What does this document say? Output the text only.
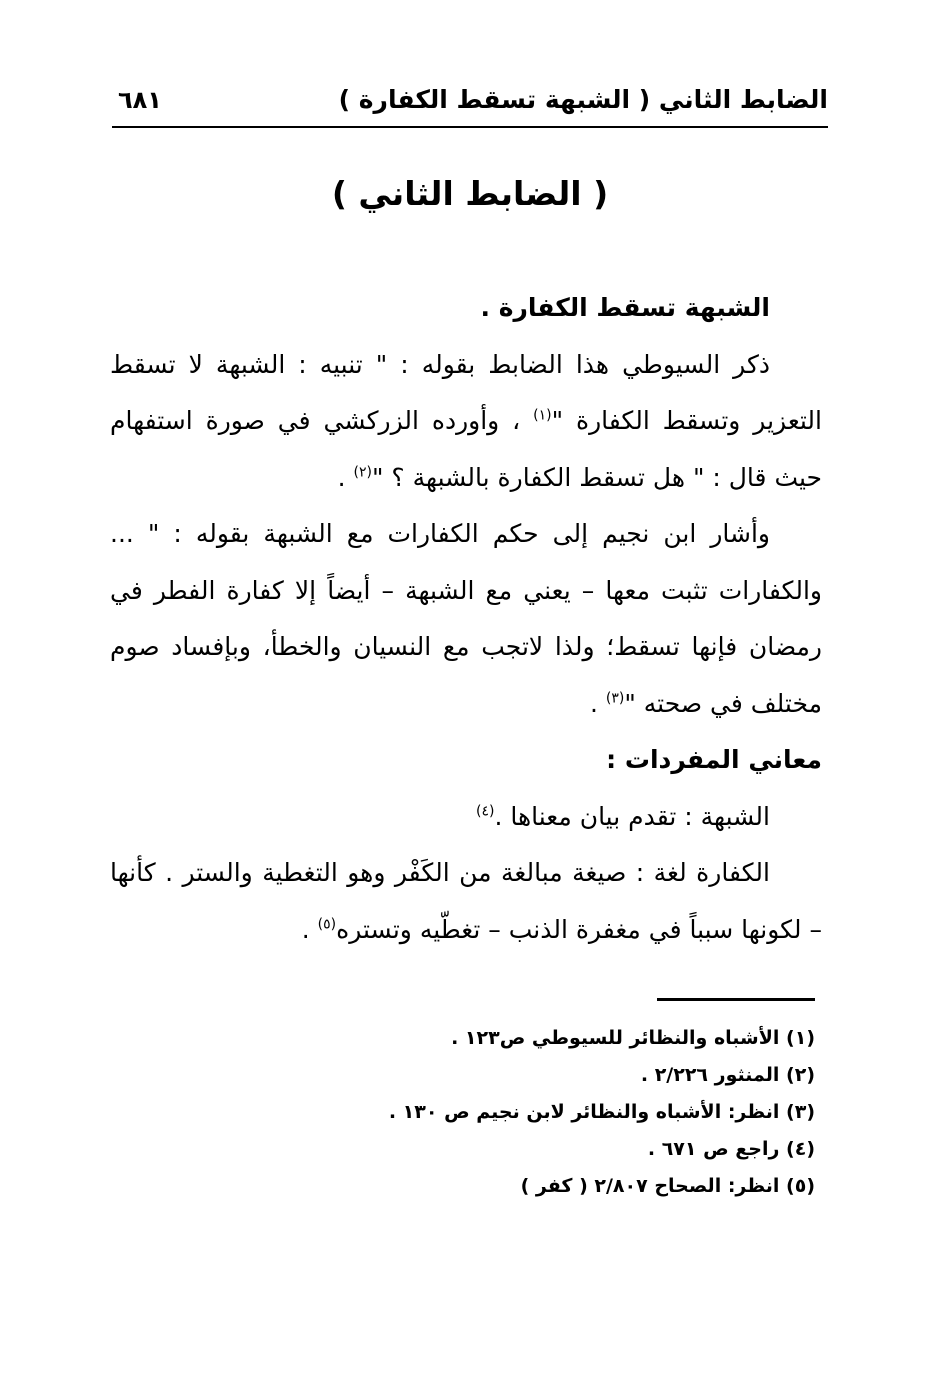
الضابط الثاني ( الشبهة تسقط الكفارة )
٦٨١
( الضابط الثاني )

الشبهة تسقط الكفارة .

ذكر السيوطي هذا الضابط بقوله : " تنبيه : الشبهة لا تسقط التعزير وتسقط الكفارة "$^{(١)}$ ، وأورده الزركشي في صورة استفهام حيث قال : " هل تسقط الكفارة بالشبهة ؟ "$^{(٢)}$ .

وأشار ابن نجيم إلى حكم الكفارات مع الشبهة بقوله : " ... والكفارات تثبت معها – يعني مع الشبهة – أيضاً إلا كفارة الفطر في رمضان فإنها تسقط؛ ولذا لاتجب مع النسيان والخطأ، وبإفساد صوم مختلف في صحته "$^{(٣)}$ .

معاني المفردات :

الشبهة : تقدم بيان معناها .$^{(٤)}$

الكفارة لغة : صيغة مبالغة من الكَفْر وهو التغطية والستر . كأنها – لكونها سبباً في مغفرة الذنب – تغطّيه وتستره$^{(٥)}$ .

(١) الأشباه والنظائر للسيوطي ص١٢٣ .

(٢) المنثور ٢/٢٢٦ .

(٣) انظر: الأشباه والنظائر لابن نجيم ص ١٣٠ .

(٤) راجع ص ٦٧١ .

(٥) انظر: الصحاح ٢/٨٠٧ ( كفر )
